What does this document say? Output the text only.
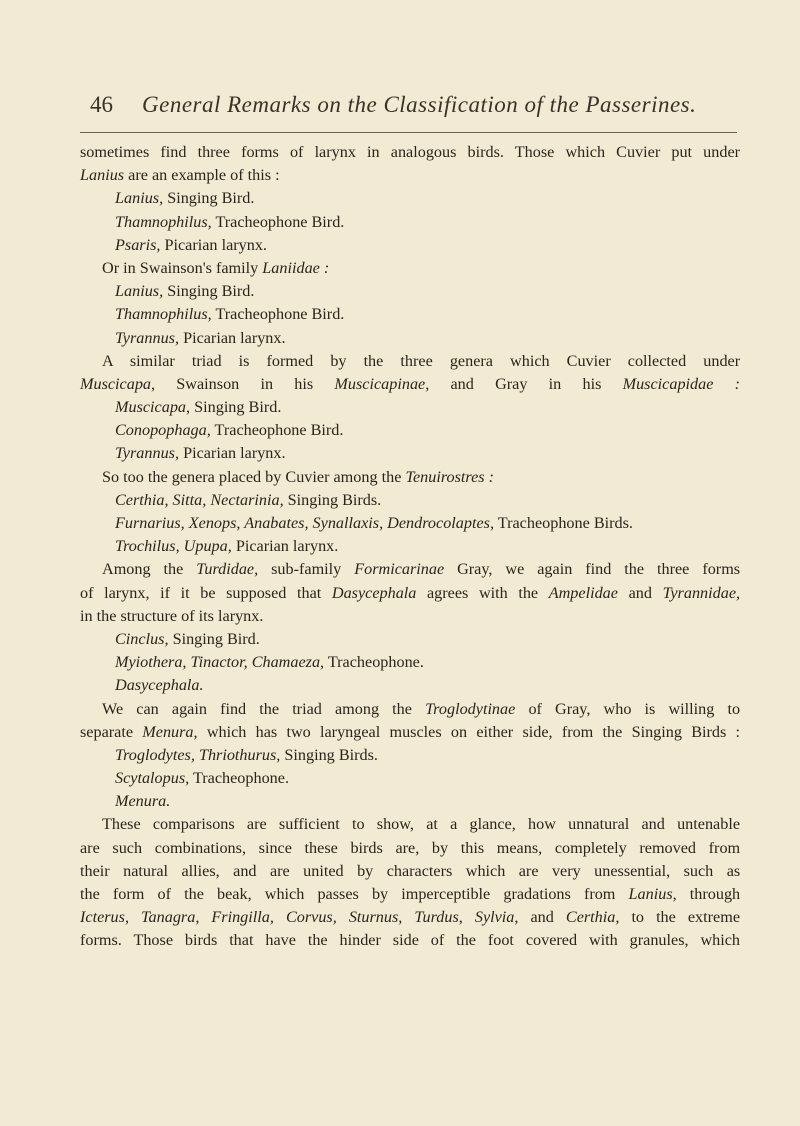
46 General Remarks on the Classification of the Passerines.
sometimes find three forms of larynx in analogous birds. Those which Cuvier put under
Lanius are an example of this :
Lanius, Singing Bird.
Thamnophilus, Tracheophone Bird.
Psaris, Picarian larynx.
Or in Swainson's family Laniidae :
Lanius, Singing Bird.
Thamnophilus, Tracheophone Bird.
Tyrannus, Picarian larynx.
A similar triad is formed by the three genera which Cuvier collected under
Muscicapa, Swainson in his Muscicapinae, and Gray in his Muscicapidae :
Muscicapa, Singing Bird.
Conopophaga, Tracheophone Bird.
Tyrannus, Picarian larynx.
So too the genera placed by Cuvier among the Tenuirostres :
Certhia, Sitta, Nectarinia, Singing Birds.
Furnarius, Xenops, Anabates, Synallaxis, Dendrocolaptes, Tracheophone Birds.
Trochilus, Upupa, Picarian larynx.
Among the Turdidae, sub-family Formicarinae Gray, we again find the three forms
of larynx, if it be supposed that Dasycephala agrees with the Ampelidae and Tyrannidae,
in the structure of its larynx.
Cinclus, Singing Bird.
Myiothera, Tinactor, Chamaeza, Tracheophone.
Dasycephala.
We can again find the triad among the Troglodytinae of Gray, who is willing to
separate Menura, which has two laryngeal muscles on either side, from the Singing Birds :
Troglodytes, Thriothurus, Singing Birds.
Scytalopus, Tracheophone.
Menura.
These comparisons are sufficient to show, at a glance, how unnatural and untenable
are such combinations, since these birds are, by this means, completely removed from
their natural allies, and are united by characters which are very unessential, such as
the form of the beak, which passes by imperceptible gradations from Lanius, through
Icterus, Tanagra, Fringilla, Corvus, Sturnus, Turdus, Sylvia, and Certhia, to the extreme
forms. Those birds that have the hinder side of the foot covered with granules, which
